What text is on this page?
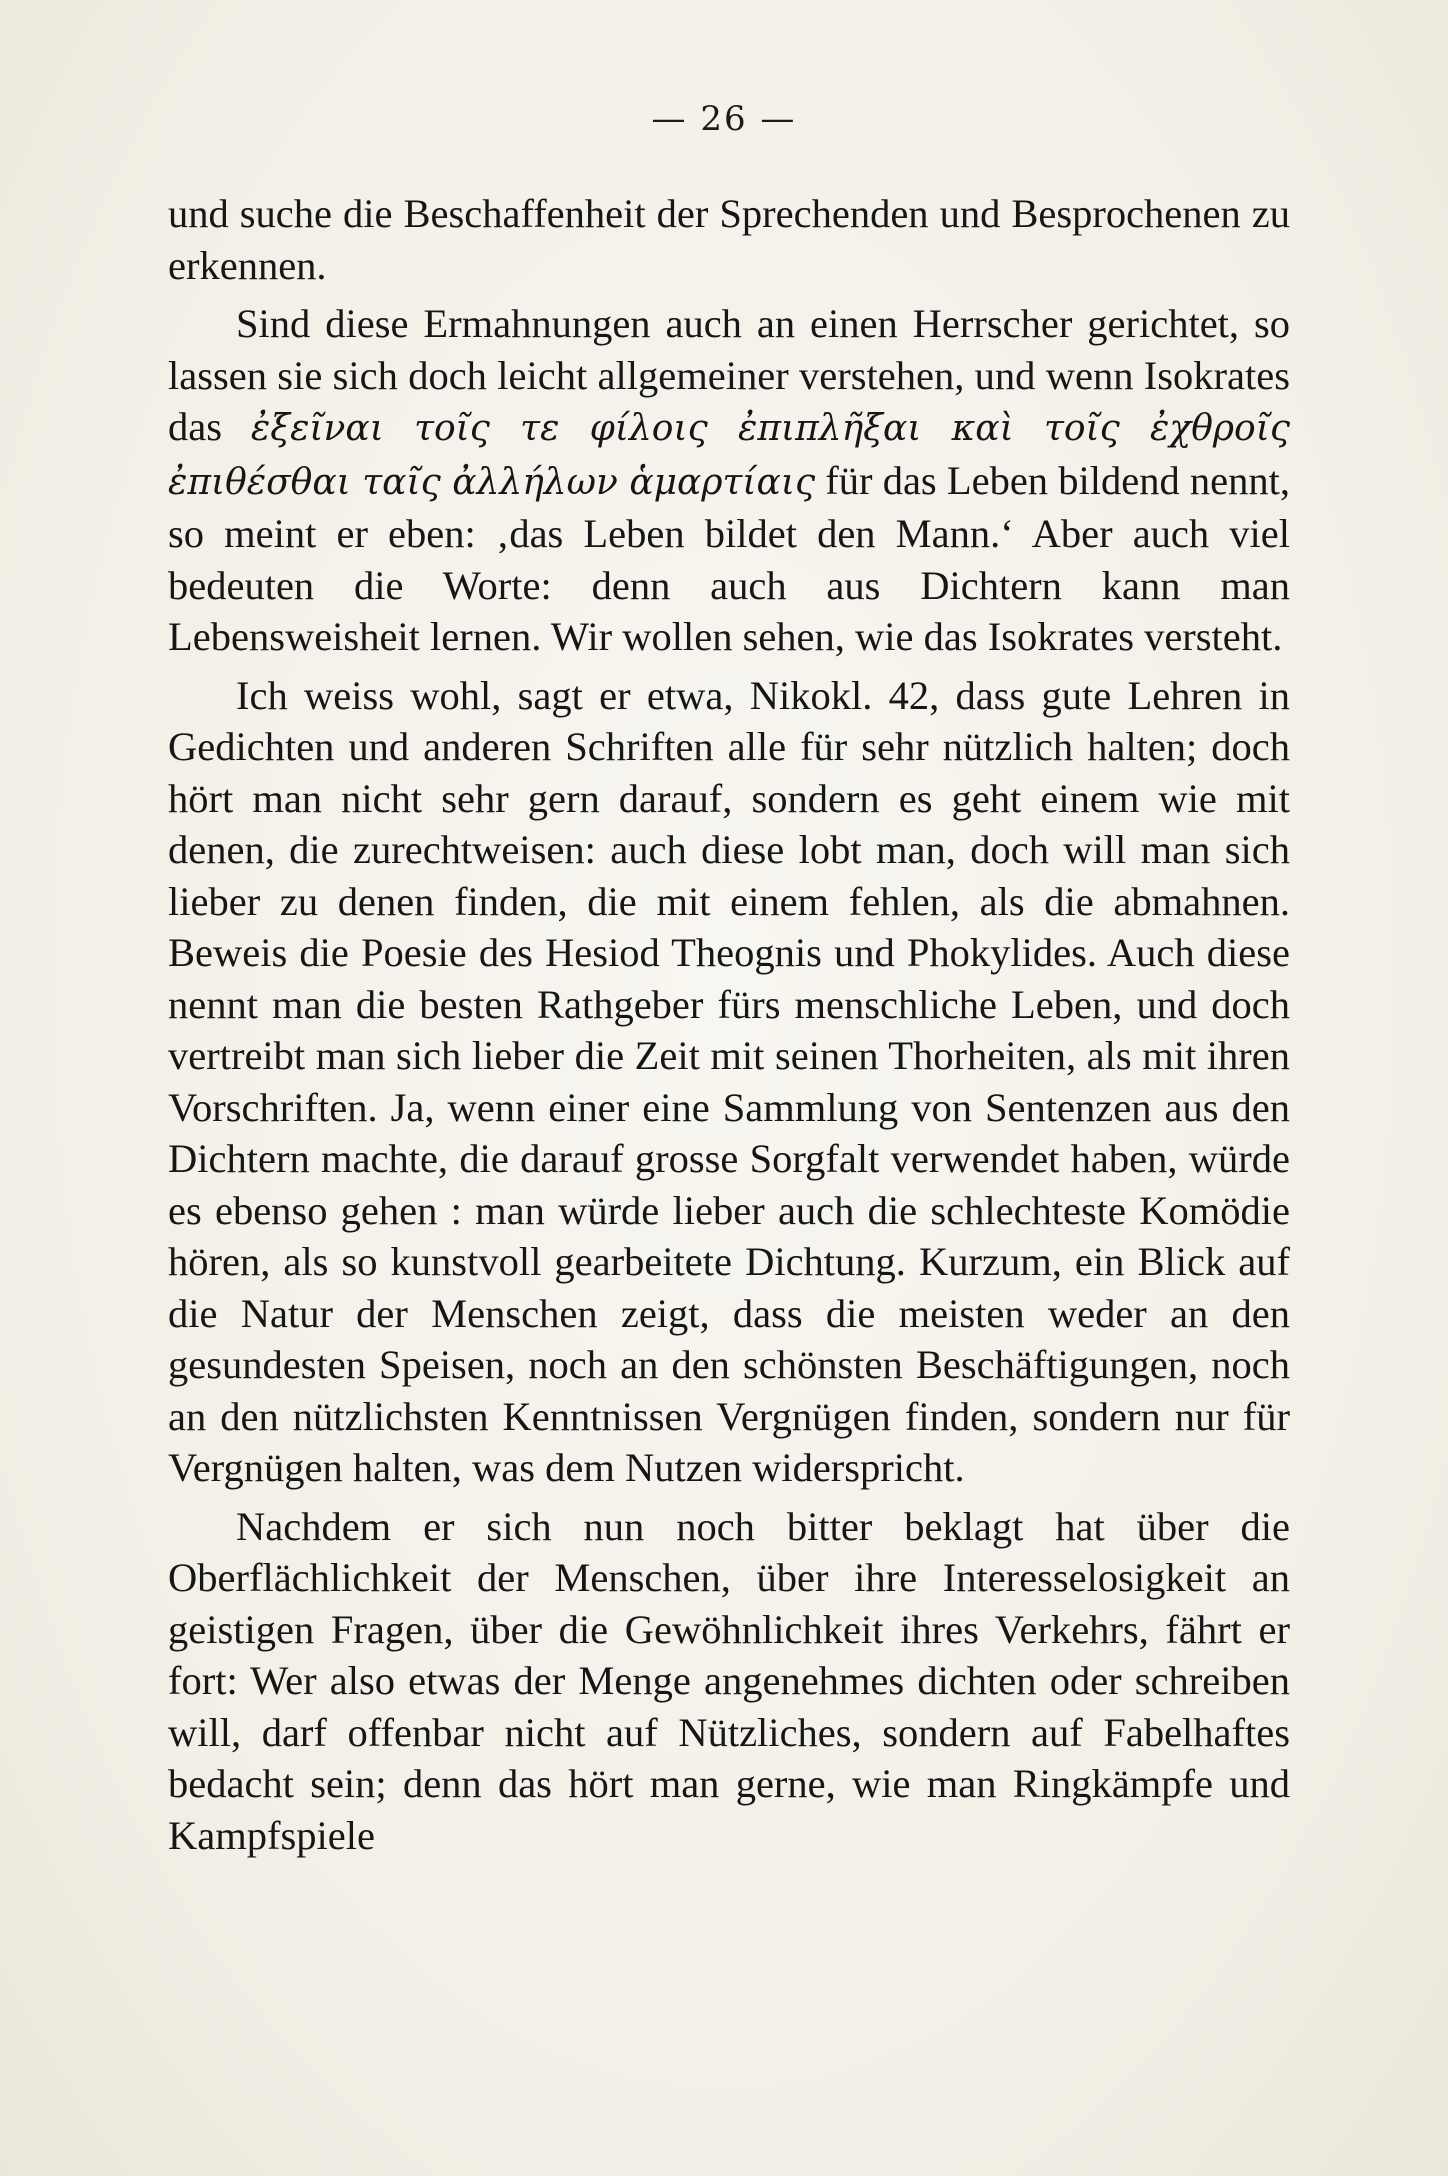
— 26 —

und suche die Beschaffenheit der Sprechenden und Besprochenen zu erkennen.

Sind diese Ermahnungen auch an einen Herrscher gerichtet, so lassen sie sich doch leicht allgemeiner verstehen, und wenn Isokrates das ἐξεῖναι τοῖς τε φίλοις ἐπιπλῆξαι καὶ τοῖς ἐχθροῖς ἐπιθέσθαι ταῖς ἀλλήλων ἁμαρτίαις für das Leben bildend nennt, so meint er eben: ‚das Leben bildet den Mann.‘ Aber auch viel bedeuten die Worte: denn auch aus Dichtern kann man Lebensweisheit lernen. Wir wollen sehen, wie das Isokrates versteht.

Ich weiss wohl, sagt er etwa, Nikokl. 42, dass gute Lehren in Gedichten und anderen Schriften alle für sehr nützlich halten; doch hört man nicht sehr gern darauf, sondern es geht einem wie mit denen, die zurechtweisen: auch diese lobt man, doch will man sich lieber zu denen finden, die mit einem fehlen, als die abmahnen. Beweis die Poesie des Hesiod Theognis und Phokylides. Auch diese nennt man die besten Rathgeber fürs menschliche Leben, und doch vertreibt man sich lieber die Zeit mit seinen Thorheiten, als mit ihren Vorschriften. Ja, wenn einer eine Sammlung von Sentenzen aus den Dichtern machte, die darauf grosse Sorgfalt verwendet haben, würde es ebenso gehen : man würde lieber auch die schlechteste Komödie hören, als so kunstvoll gearbeitete Dichtung. Kurzum, ein Blick auf die Natur der Menschen zeigt, dass die meisten weder an den gesundesten Speisen, noch an den schönsten Beschäftigungen, noch an den nützlichsten Kenntnissen Vergnügen finden, sondern nur für Vergnügen halten, was dem Nutzen widerspricht.

Nachdem er sich nun noch bitter beklagt hat über die Oberflächlichkeit der Menschen, über ihre Interesselosigkeit an geistigen Fragen, über die Gewöhnlichkeit ihres Verkehrs, fährt er fort: Wer also etwas der Menge angenehmes dichten oder schreiben will, darf offenbar nicht auf Nützliches, sondern auf Fabelhaftes bedacht sein; denn das hört man gerne, wie man Ringkämpfe und Kampfspiele
